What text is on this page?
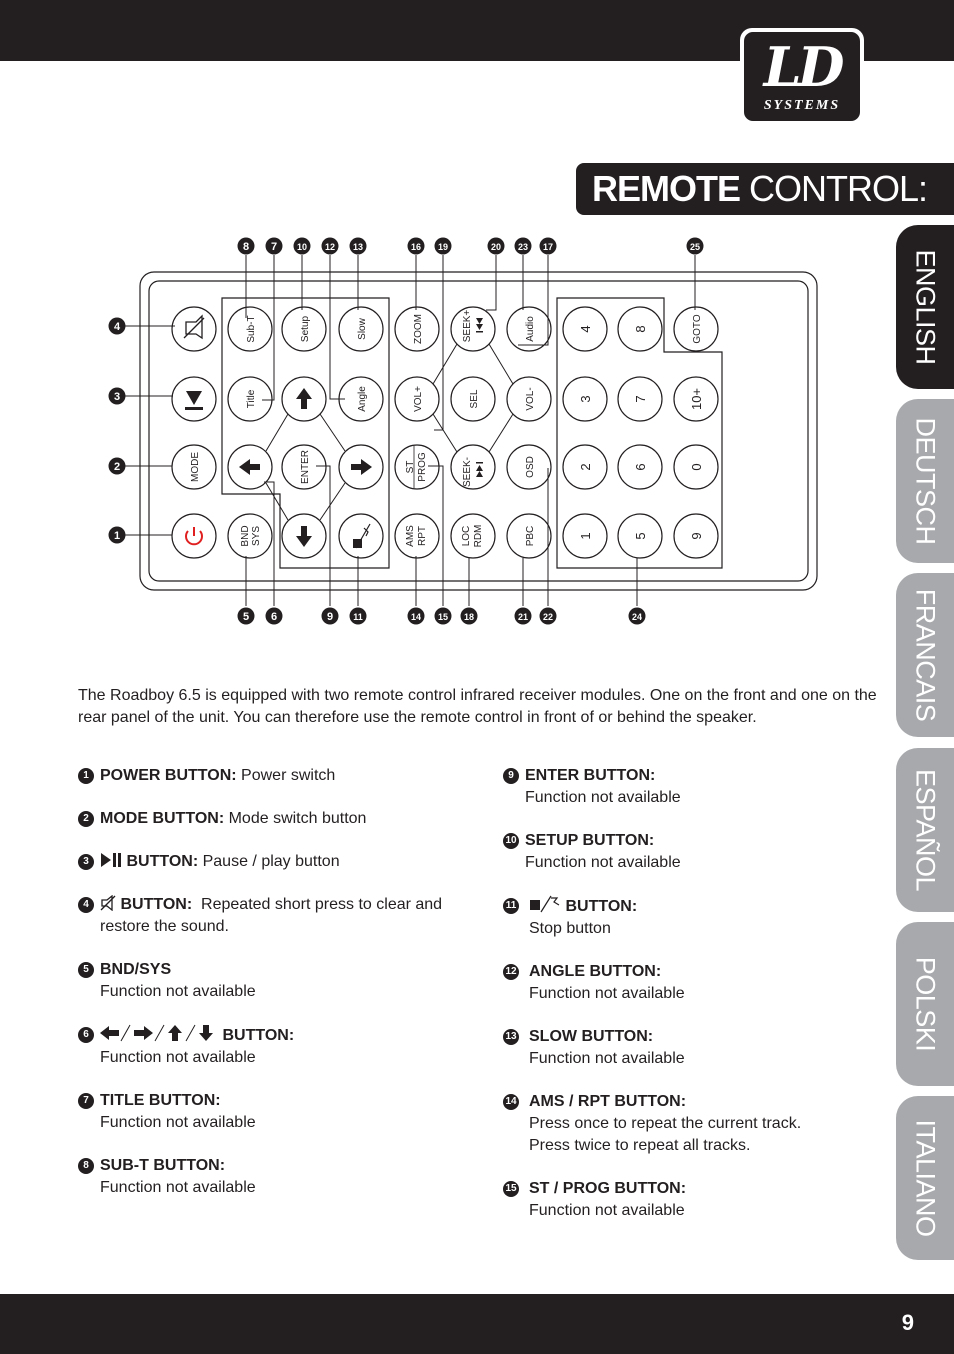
LD
SYSTEMS
REMOTE CONTROL:
ENGLISH
DEUTSCH
FRANCAIS
ESPAÑOL
POLSKI
ITALIANO
MODE
Sub-T	Setup	Slow
Title	Angle
ENTER
BND SYS
ZOOM	SEEK+	Audio
VOL+	SEL	VOL-
ST PROG	SEEK-	OSD
AMS RPT	LOC RDM	PBC
4
3
2
1
8
7
6
5
GOTO
10+
0
9
8 7 10 12 13	16 19	20 23 17	25
4
3
2
1
5 6	9 11	14 15 18	21 22	24
The Roadboy 6.5 is equipped with two remote control infrared receiver modules. One on the front and one on the rear panel of the unit. You can therefore use the remote control in front of or behind the speaker.
1 POWER BUTTON: Power switch
2 MODE BUTTON: Mode switch button
3	BUTTON: Pause / play button
4	BUTTON: Repeated short press to clear and
restore the sound.
5 BND/SYS
Function not available
6	BUTTON:
Function not available
7 TITLE BUTTON:
Function not available
8 SUB-T BUTTON:
Function not available
9 ENTER BUTTON:
Function not available
10 SETUP BUTTON:
Function not available
11	BUTTON:
Stop button
12 ANGLE BUTTON:
Function not available
13 SLOW BUTTON:
Function not available
14 AMS / RPT BUTTON:
Press once to repeat the current track.
Press twice to repeat all tracks.
15 ST / PROG BUTTON:
Function not available
9
